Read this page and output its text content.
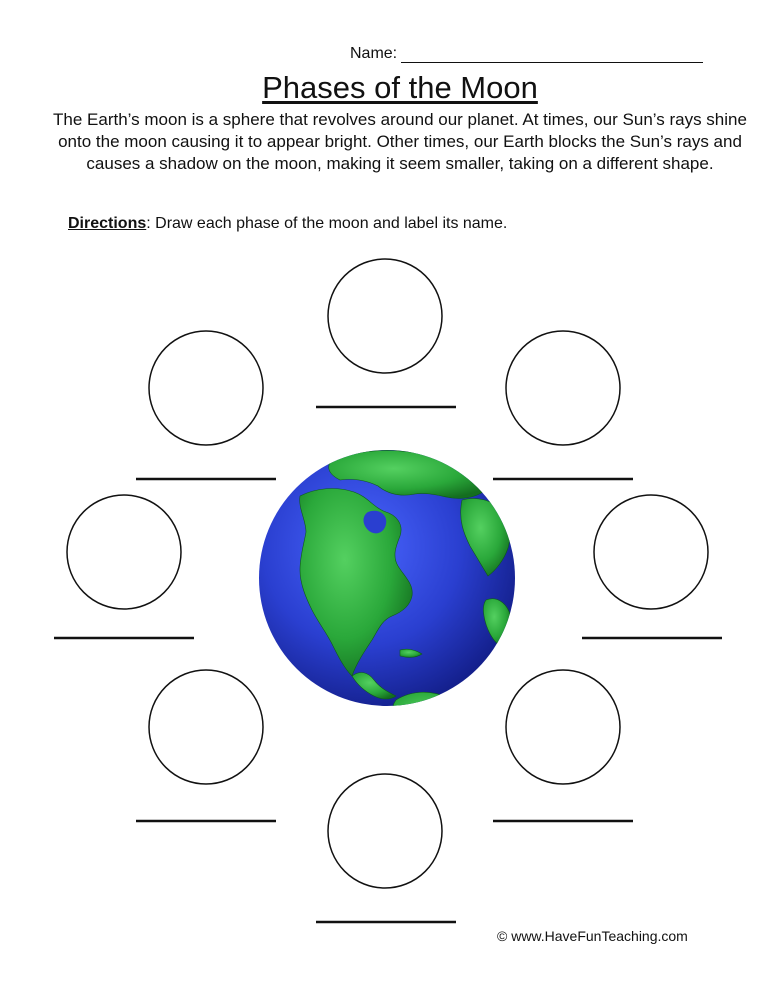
Name:
Phases of the Moon
The Earth’s moon is a sphere that revolves around our planet. At times, our Sun’s rays shine onto the moon causing it to appear bright. Other times, our Earth blocks the Sun’s rays and causes a shadow on the moon, making it seem smaller, taking on a different shape.
Directions: Draw each phase of the moon and label its name.
© www.HaveFunTeaching.com
